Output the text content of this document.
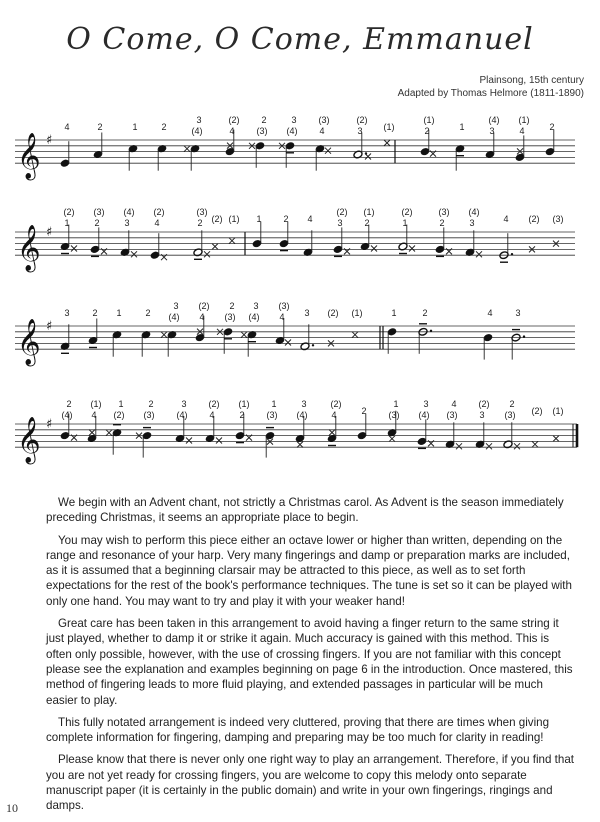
O Come, O Come, Emmanuel
Plainsong, 15th century
Adapted by Thomas Helmore (1811-1890)
𝄞 ♯
4	2	1	2	(4)
3
4
(2)
(3)
2
(4)
3
4
(3)
3
(2)
(1)	2
(1)
1	3
(4)
4
(1)
2
𝄞 ♯
1
(2)
2
(3)
3
(4)
4
(2)
2
(3)
(2) (1) 1 2 4	3
(2)
2
(1)
1
(2)
2
(3)
3
(4)
4 (2) (3)
𝄞 ♯
3	2 1	2 (4)
3
4
(2)
(3)
2
(4)
3
4
(3)
3 (2) (1)	1	2	4	3
𝄞 ♯
(4)
2
4
(1)
(2)
1
(3)
2
(4)
3
4
(2)
2
(1)
(3)
1
(4)
3
4
(2)
2 (3)
1
(4)
3
(3)
4
3
(2)
(3)
2
(2) (1)

We begin with an Advent chant, not strictly a Christmas carol. As Advent is the season immediately preceding Christmas, it seems an appropriate place to begin.

You may wish to perform this piece either an octave lower or higher than written, depending on the range and resonance of your harp. Very many fingerings and damp or preparation marks are included, as it is assumed that a beginning clarsair may be attracted to this piece, as well as to set forth expectations for the rest of the book's performance techniques. The tune is set so it can be played with only one hand. You may want to try and play it with your weaker hand!

Great care has been taken in this arrangement to avoid having a finger return to the same string it just played, whether to damp it or strike it again. Much accuracy is gained with this method. This is often only possible, however, with the use of crossing fingers. If you are not familiar with this concept please see the explanation and examples beginning on page 6 in the introduction. Once mastered, this method of fingering leads to more fluid playing, and extended passages in particular will be much easier to play.

This fully notated arrangement is indeed very cluttered, proving that there are times when giving complete information for fingering, damping and preparing may be too much for clarity in reading!

Please know that there is never only one right way to play an arrangement. Therefore, if you find that you are not yet ready for crossing fingers, you are welcome to copy this melody onto separate manuscript paper (it is certainly in the public domain) and write in your own fingerings, ringings and damps.

10
